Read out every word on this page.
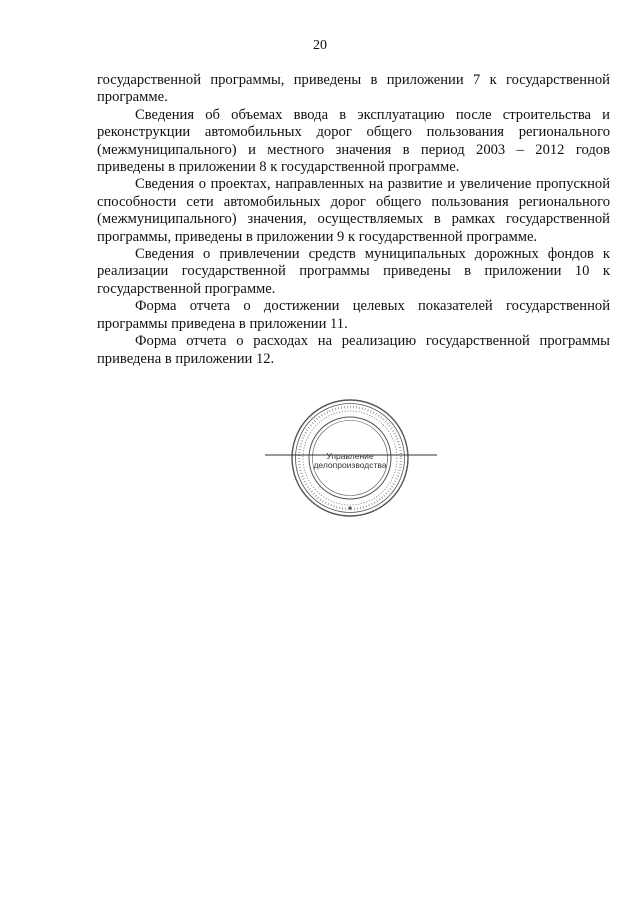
20

государственной программы, приведены в приложении 7 к государственной программе.

Сведения об объемах ввода в эксплуатацию после строительства и реконструкции автомобильных дорог общего пользования регионального (межмуниципального) и местного значения в период 2003 – 2012 годов приведены в приложении 8 к государственной программе.

Сведения о проектах, направленных на развитие и увеличение пропускной способности сети автомобильных дорог общего пользования регионального (межмуниципального) значения, осуществляемых в рамках государственной программы, приведены в приложении 9 к государственной программе.

Сведения о привлечении средств муниципальных дорожных фондов к реализации государственной программы приведены в приложении 10 к государственной программе.

Форма отчета о достижении целевых показателей государственной программы приведена в приложении 11.

Форма отчета о расходах на реализацию государственной программы приведена в приложении 12.

Управление
делопроизводства
